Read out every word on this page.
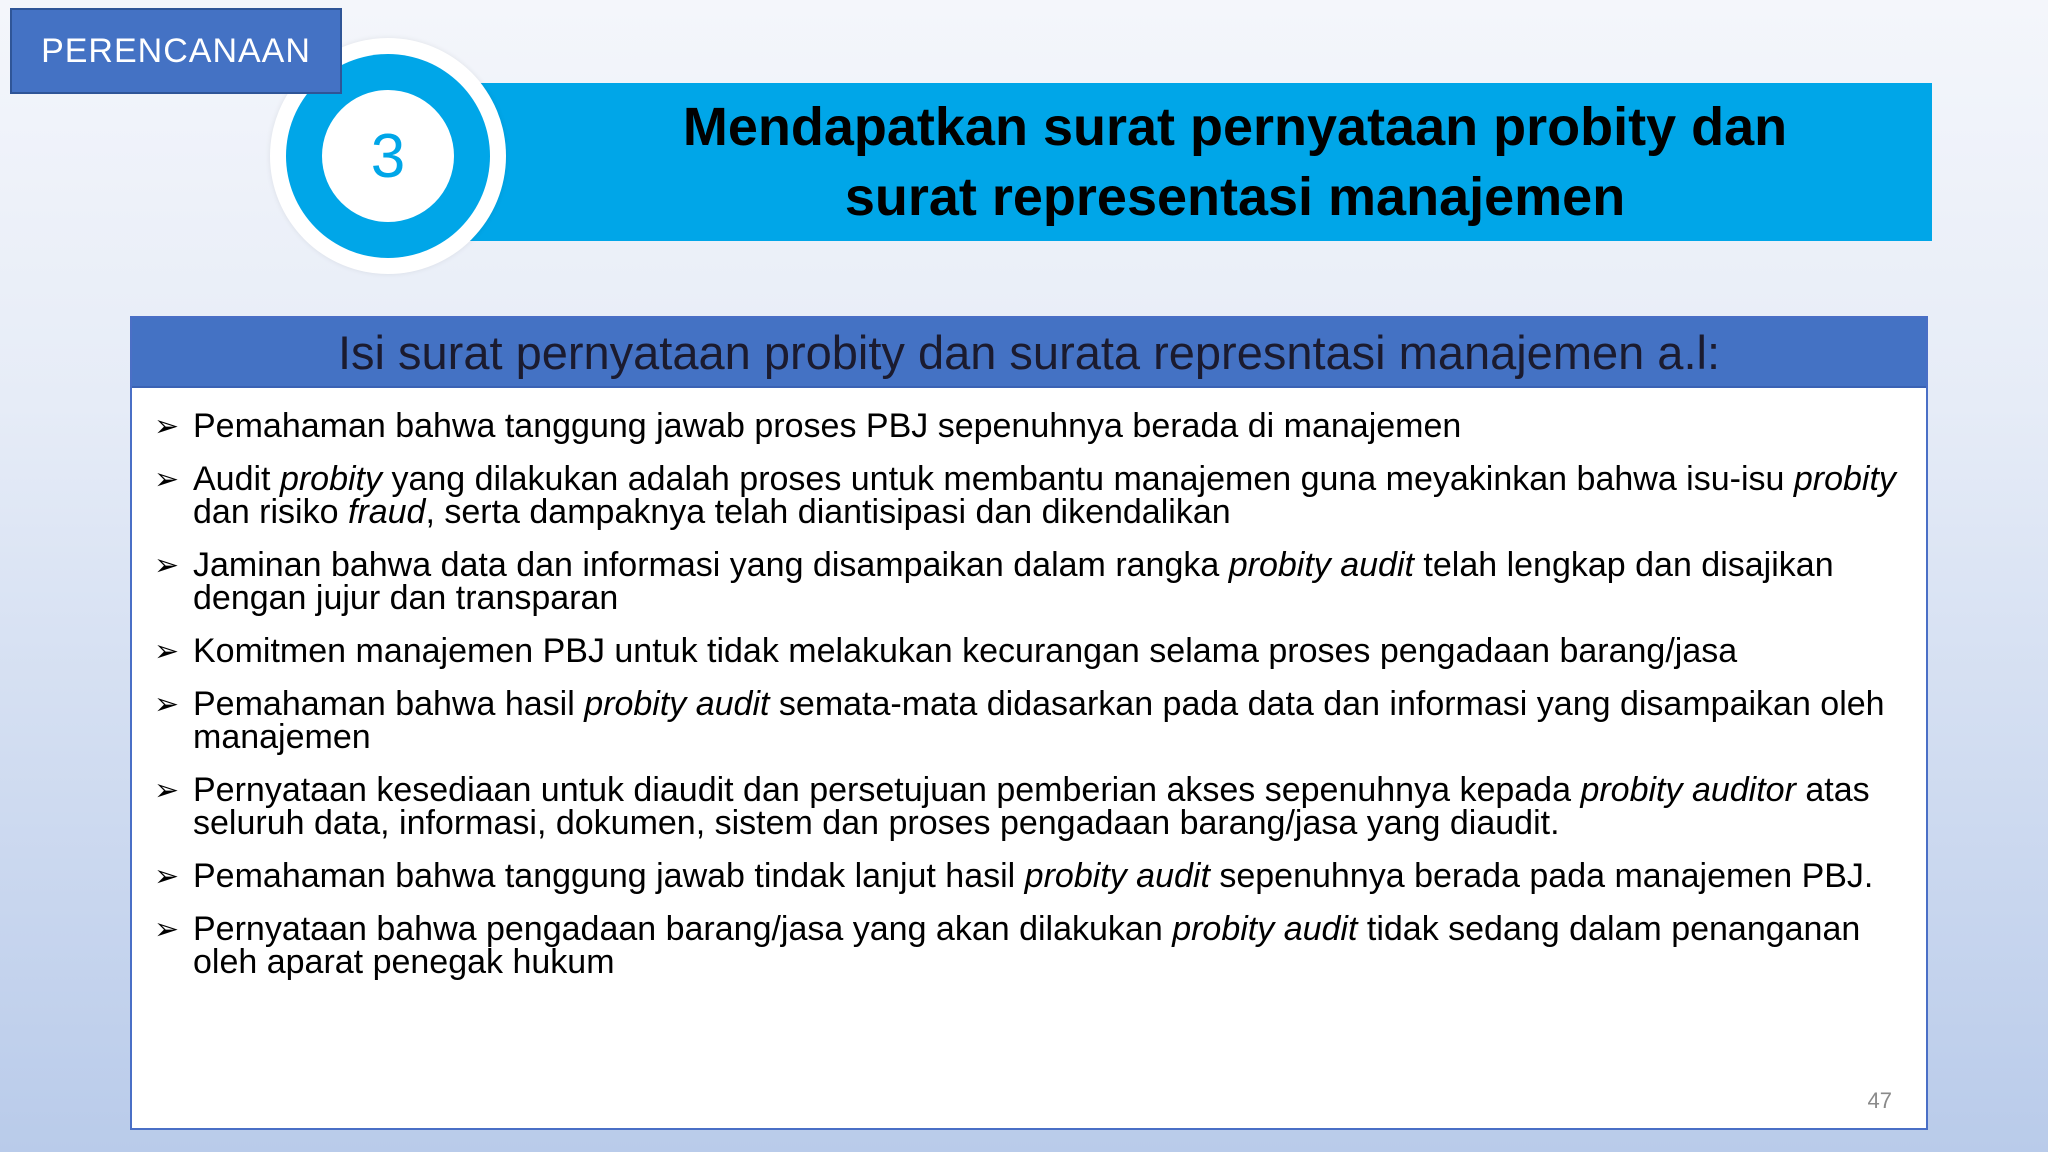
PERENCANAAN
3	Mendapatkan surat pernyataan probity dan surat representasi manajemen
Isi surat pernyataan probity dan surata represntasi manajemen a.l:
➢ Pemahaman bahwa tanggung jawab proses PBJ sepenuhnya berada di manajemen
➢ Audit probity yang dilakukan adalah proses untuk membantu manajemen guna meyakinkan bahwa isu-isu probity dan risiko fraud, serta dampaknya telah diantisipasi dan dikendalikan
➢ Jaminan bahwa data dan informasi yang disampaikan dalam rangka probity audit telah lengkap dan disajikan dengan jujur dan transparan
➢ Komitmen manajemen PBJ untuk tidak melakukan kecurangan selama proses pengadaan barang/jasa
➢ Pemahaman bahwa hasil probity audit semata-mata didasarkan pada data dan informasi yang disampaikan oleh manajemen
➢ Pernyataan kesediaan untuk diaudit dan persetujuan pemberian akses sepenuhnya kepada probity auditor atas seluruh data, informasi, dokumen, sistem dan proses pengadaan barang/jasa yang diaudit.
➢ Pemahaman bahwa tanggung jawab tindak lanjut hasil probity audit sepenuhnya berada pada manajemen PBJ.
➢ Pernyataan bahwa pengadaan barang/jasa yang akan dilakukan probity audit tidak sedang dalam penanganan oleh aparat penegak hukum
47
